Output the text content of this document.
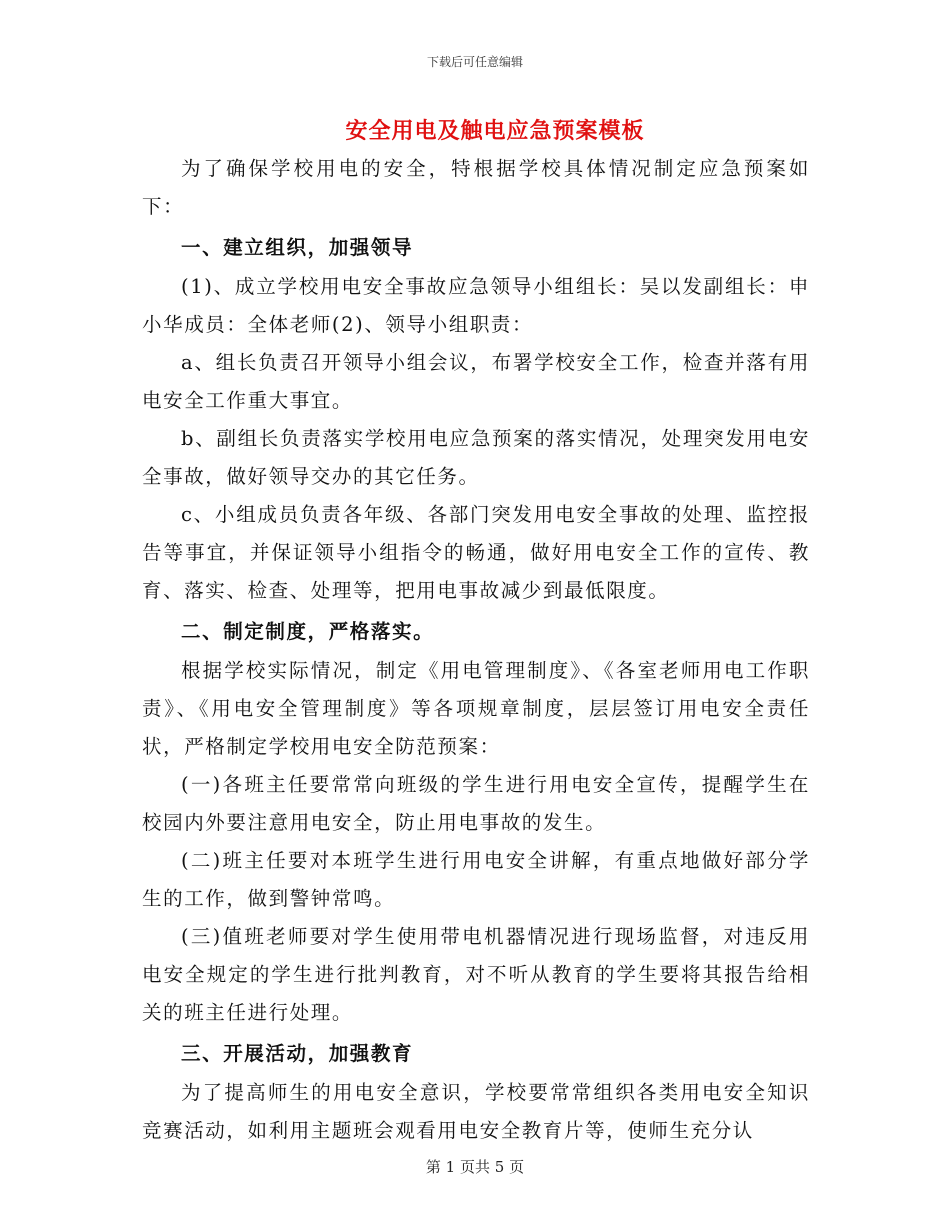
下载后可任意编辑
安全用电及触电应急预案模板

为了确保学校用电的安全，特根据学校具体情况制定应急预案如下：

一、建立组织，加强领导

(1)、成立学校用电安全事故应急领导小组组长：吴以发副组长：申小华成员：全体老师(2)、领导小组职责：

a、组长负责召开领导小组会议，布署学校安全工作，检查并落有用电安全工作重大事宜。

b、副组长负责落实学校用电应急预案的落实情况，处理突发用电安全事故，做好领导交办的其它任务。

c、小组成员负责各年级、各部门突发用电安全事故的处理、监控报告等事宜，并保证领导小组指令的畅通，做好用电安全工作的宣传、教育、落实、检查、处理等，把用电事故减少到最低限度。

二、制定制度，严格落实。

根据学校实际情况，制定《用电管理制度》、《各室老师用电工作职责》、《用电安全管理制度》等各项规章制度，层层签订用电安全责任状，严格制定学校用电安全防范预案：

(一)各班主任要常常向班级的学生进行用电安全宣传，提醒学生在校园内外要注意用电安全，防止用电事故的发生。

(二)班主任要对本班学生进行用电安全讲解，有重点地做好部分学生的工作，做到警钟常鸣。

(三)值班老师要对学生使用带电机器情况进行现场监督，对违反用电安全规定的学生进行批判教育，对不听从教育的学生要将其报告给相关的班主任进行处理。

三、开展活动，加强教育

为了提高师生的用电安全意识，学校要常常组织各类用电安全知识竞赛活动，如利用主题班会观看用电安全教育片等，使师生充分认

第 1 页共 5 页
